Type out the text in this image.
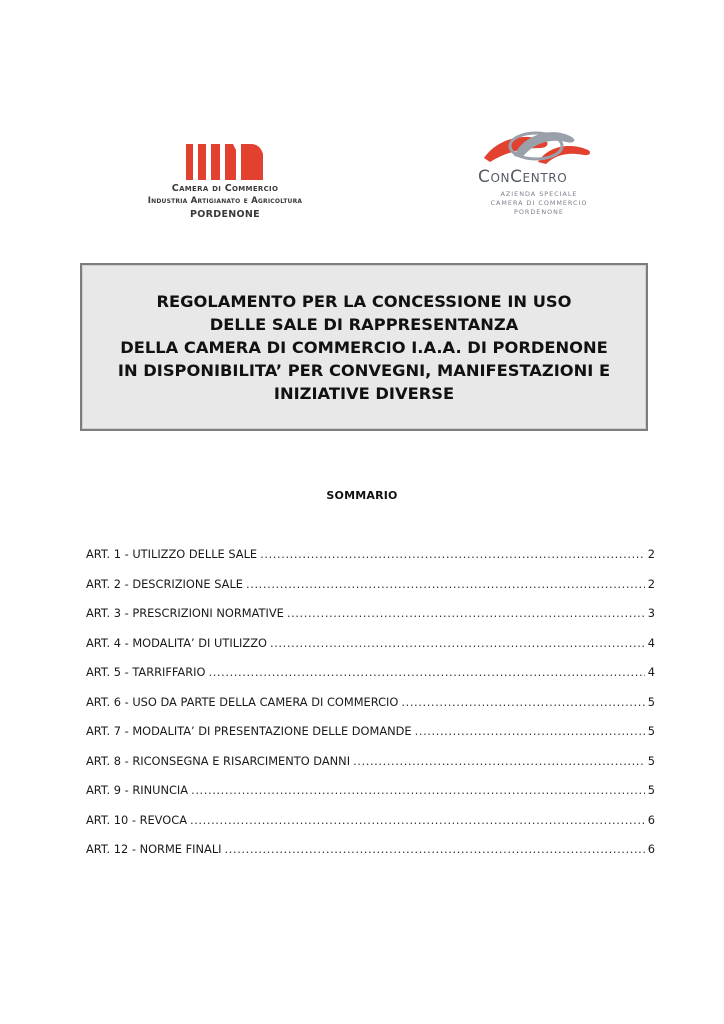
Camera di Commercio
Industria Artigianato e Agricoltura
PORDENONE
ConCentro
AZIENDA SPECIALE
CAMERA DI COMMERCIO
PORDENONE
REGOLAMENTO PER LA CONCESSIONE IN USO
DELLE SALE DI RAPPRESENTANZA
DELLA CAMERA DI COMMERCIO I.A.A. DI PORDENONE
IN DISPONIBILITA’ PER CONVEGNI, MANIFESTAZIONI E
INIZIATIVE DIVERSE
SOMMARIO
ART. 1 - UTILIZZO DELLE SALE .....	2
ART. 2 - DESCRIZIONE SALE .....	2
ART. 3 - PRESCRIZIONI NORMATIVE .....	3
ART. 4 - MODALITA’ DI UTILIZZO .....	4
ART. 5 - TARRIFFARIO .....	4
ART. 6 - USO DA PARTE DELLA CAMERA DI COMMERCIO .....	5
ART. 7 - MODALITA’ DI PRESENTAZIONE DELLE DOMANDE .....	5
ART. 8 - RICONSEGNA E RISARCIMENTO DANNI .....	5
ART. 9 - RINUNCIA .....	5
ART. 10 - REVOCA .....	6
ART. 12 - NORME FINALI .....	6
